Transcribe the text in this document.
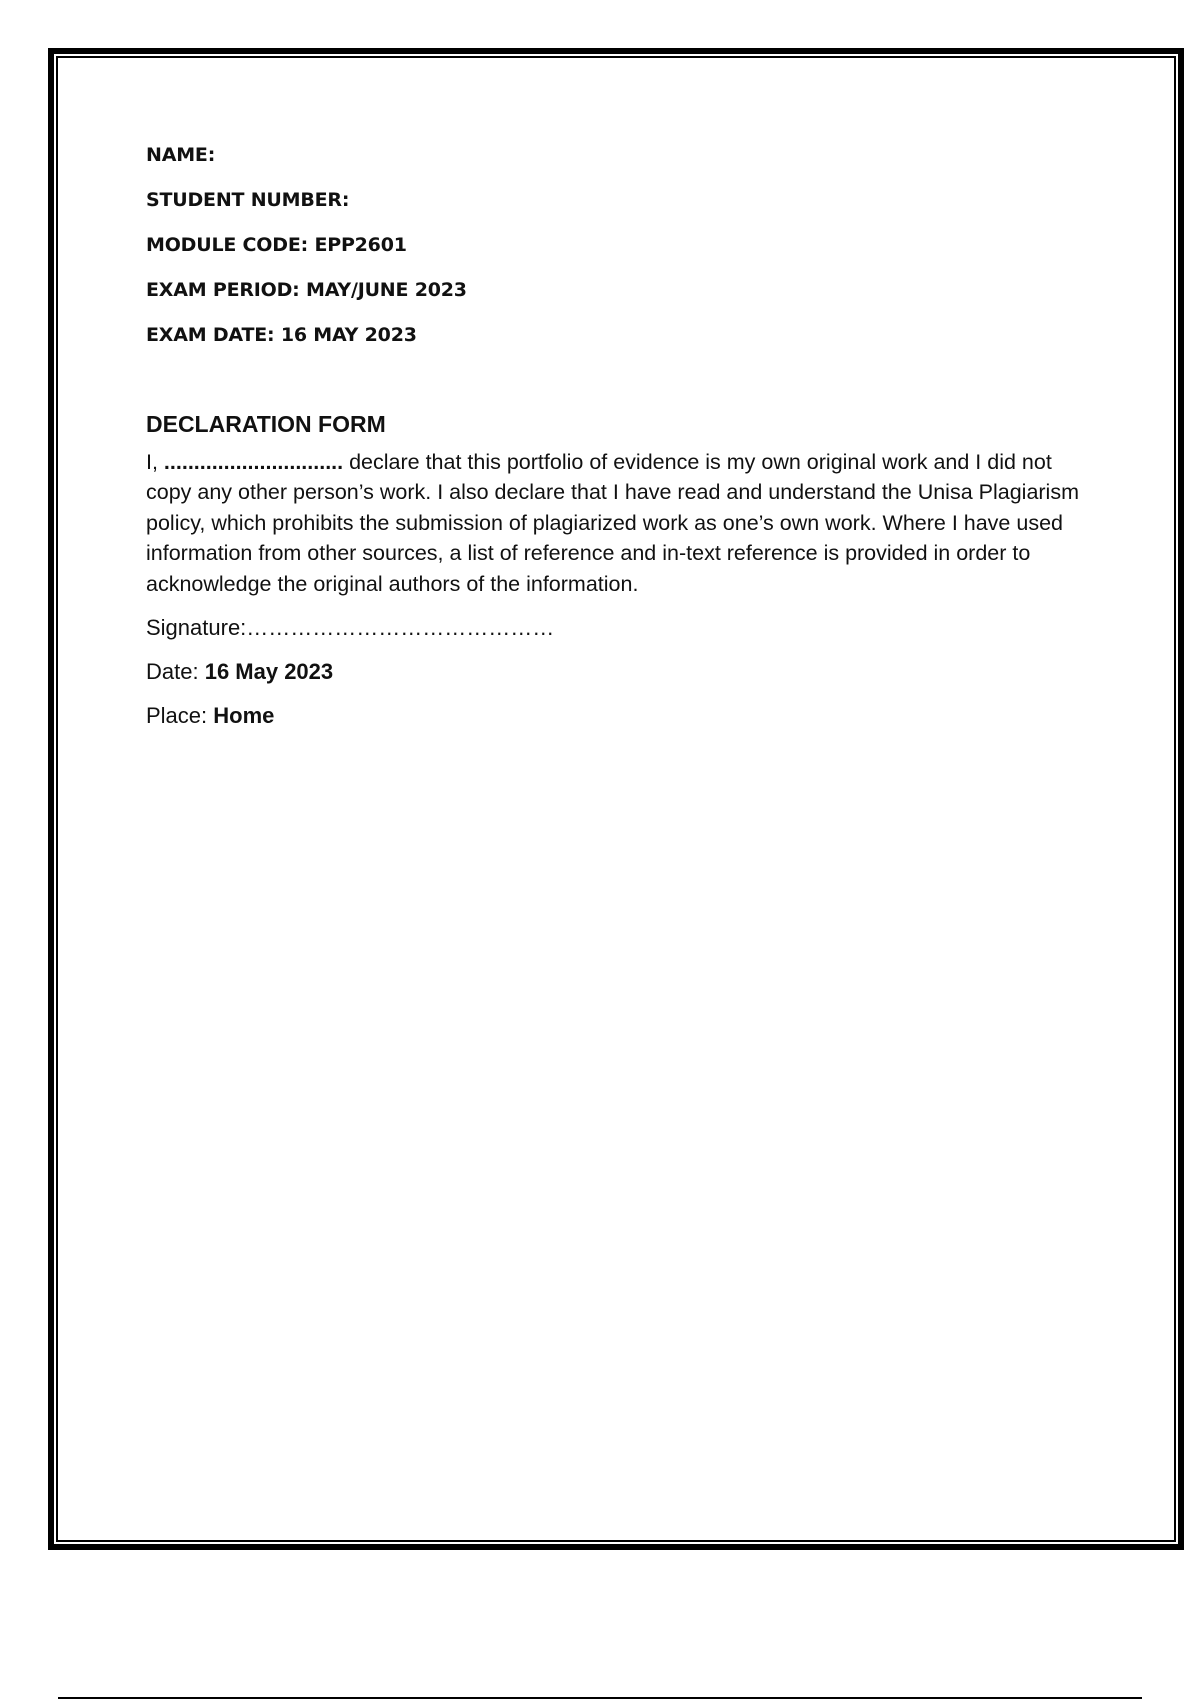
NAME:

STUDENT NUMBER:

MODULE CODE: EPP2601

EXAM PERIOD: MAY/JUNE 2023

EXAM DATE: 16 MAY 2023

DECLARATION FORM

I, .............................. declare that this portfolio of evidence is my own original work and I did not copy any other person’s work. I also declare that I have read and understand the Unisa Plagiarism policy, which prohibits the submission of plagiarized work as one’s own work. Where I have used information from other sources, a list of reference and in-text reference is provided in order to acknowledge the original authors of the information.

Signature:……………………………………

Date: 16 May 2023

Place: Home
